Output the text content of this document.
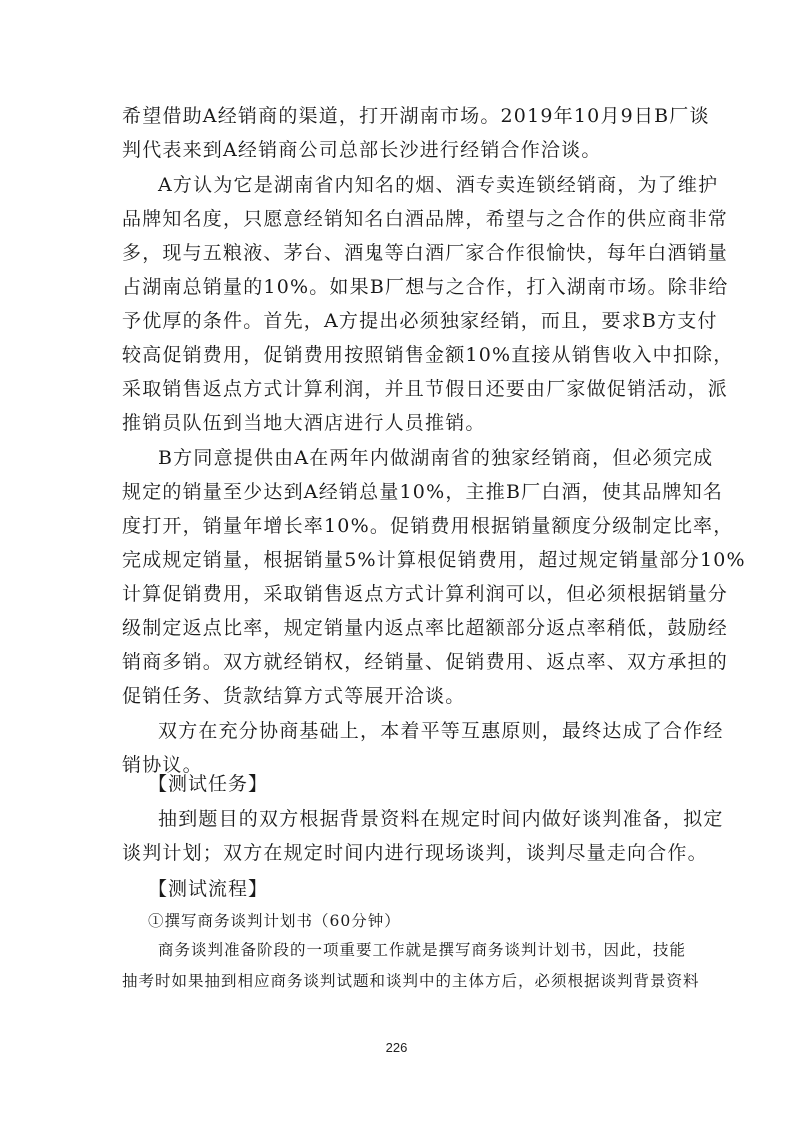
希望借助A经销商的渠道，打开湖南市场。2019年10月9日B厂谈
判代表来到A经销商公司总部长沙进行经销合作洽谈。

A方认为它是湖南省内知名的烟、酒专卖连锁经销商，为了维护
品牌知名度，只愿意经销知名白酒品牌，希望与之合作的供应商非常
多，现与五粮液、茅台、酒鬼等白酒厂家合作很愉快，每年白酒销量
占湖南总销量的10%。如果B厂想与之合作，打入湖南市场。除非给
予优厚的条件。首先，A方提出必须独家经销，而且，要求B方支付
较高促销费用，促销费用按照销售金额10%直接从销售收入中扣除，
采取销售返点方式计算利润，并且节假日还要由厂家做促销活动，派
推销员队伍到当地大酒店进行人员推销。

B方同意提供由A在两年内做湖南省的独家经销商，但必须完成
规定的销量至少达到A经销总量10%，主推B厂白酒，使其品牌知名
度打开，销量年增长率10%。促销费用根据销量额度分级制定比率，
完成规定销量，根据销量5%计算根促销费用，超过规定销量部分10%
计算促销费用，采取销售返点方式计算利润可以，但必须根据销量分
级制定返点比率，规定销量内返点率比超额部分返点率稍低，鼓励经
销商多销。双方就经销权，经销量、促销费用、返点率、双方承担的
促销任务、货款结算方式等展开洽谈。

双方在充分协商基础上，本着平等互惠原则，最终达成了合作经
销协议。

【测试任务】

抽到题目的双方根据背景资料在规定时间内做好谈判准备，拟定
谈判计划；双方在规定时间内进行现场谈判，谈判尽量走向合作。

【测试流程】

①撰写商务谈判计划书（60分钟）

商务谈判准备阶段的一项重要工作就是撰写商务谈判计划书，因此，技能
抽考时如果抽到相应商务谈判试题和谈判中的主体方后，必须根据谈判背景资料

226
